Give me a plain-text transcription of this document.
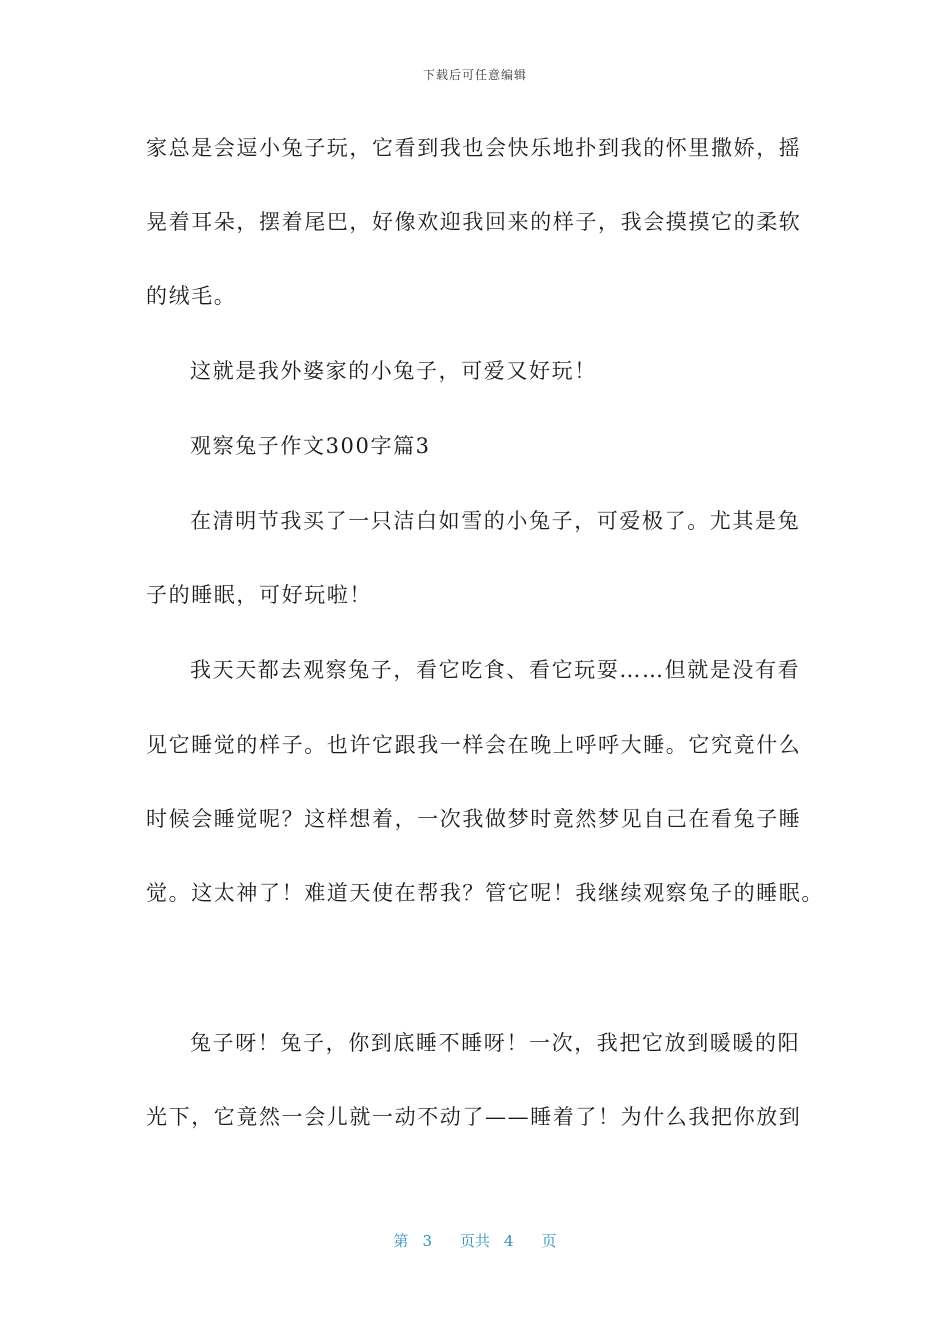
下载后可任意编辑
家总是会逗小兔子玩，它看到我也会快乐地扑到我的怀里撒娇，摇
晃着耳朵，摆着尾巴，好像欢迎我回来的样子，我会摸摸它的柔软
的绒毛。
这就是我外婆家的小兔子，可爱又好玩！
观察兔子作文300字篇3
在清明节我买了一只洁白如雪的小兔子，可爱极了。尤其是兔
子的睡眠，可好玩啦！
我天天都去观察兔子，看它吃食、看它玩耍……但就是没有看
见它睡觉的样子。也许它跟我一样会在晚上呼呼大睡。它究竟什么
时候会睡觉呢？这样想着，一次我做梦时竟然梦见自己在看兔子睡
觉。这太神了！难道天使在帮我？管它呢！我继续观察兔子的睡眠。
兔子呀！兔子，你到底睡不睡呀！一次，我把它放到暖暖的阳
光下，它竟然一会儿就一动不动了——睡着了！为什么我把你放到
第 3 页共 4 页
